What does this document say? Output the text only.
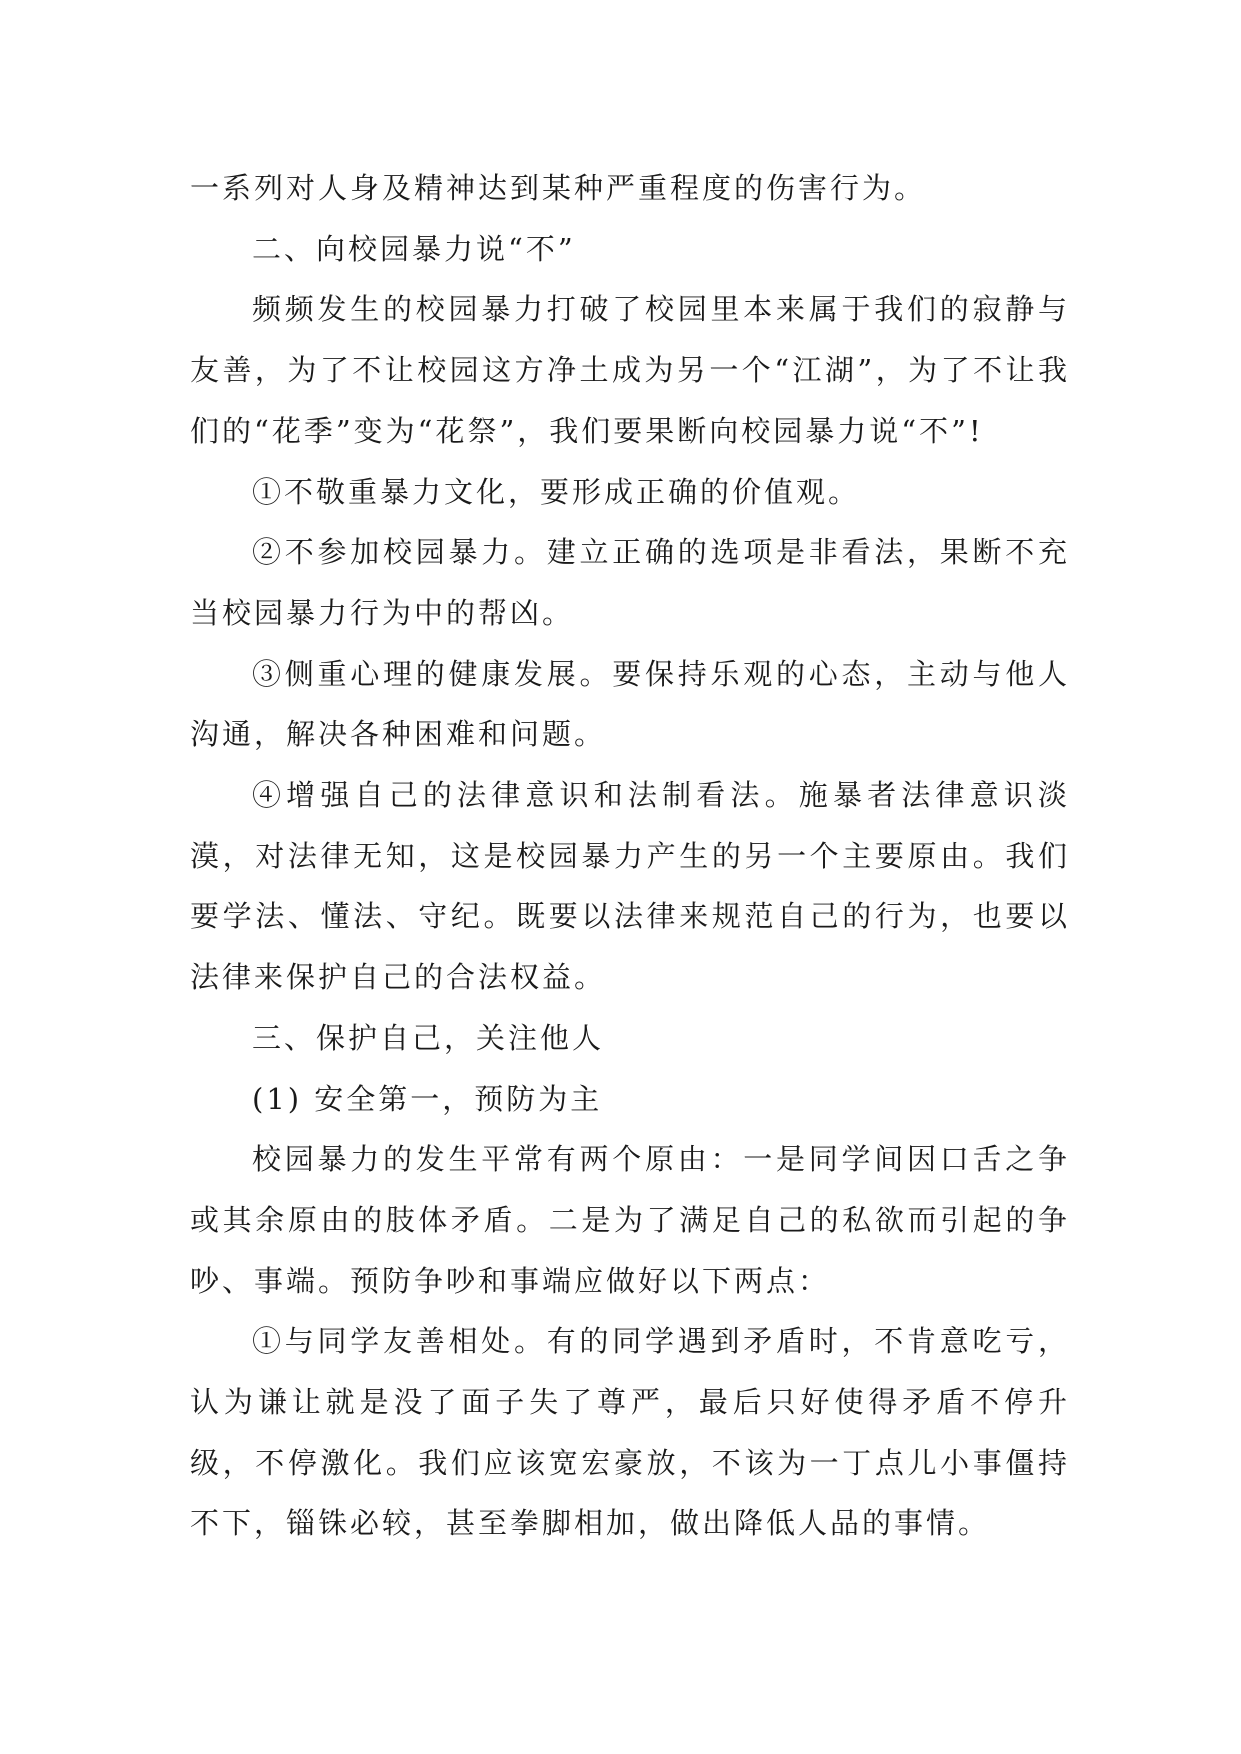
一系列对人身及精神达到某种严重程度的伤害行为。

二、向校园暴力说“不”

频频发生的校园暴力打破了校园里本来属于我们的寂静与友善，为了不让校园这方净土成为另一个“江湖”，为了不让我们的“花季”变为“花祭”，我们要果断向校园暴力说“不”!

①不敬重暴力文化，要形成正确的价值观。

②不参加校园暴力。建立正确的选项是非看法，果断不充当校园暴力行为中的帮凶。

③侧重心理的健康发展。要保持乐观的心态，主动与他人沟通，解决各种困难和问题。

④增强自己的法律意识和法制看法。施暴者法律意识淡漠，对法律无知，这是校园暴力产生的另一个主要原由。我们要学法、懂法、守纪。既要以法律来规范自己的行为，也要以法律来保护自己的合法权益。

三、保护自己，关注他人

(1) 安全第一，预防为主

校园暴力的发生平常有两个原由：一是同学间因口舌之争或其余原由的肢体矛盾。二是为了满足自己的私欲而引起的争吵、事端。预防争吵和事端应做好以下两点：

①与同学友善相处。有的同学遇到矛盾时，不肯意吃亏，认为谦让就是没了面子失了尊严，最后只好使得矛盾不停升级，不停激化。我们应该宽宏豪放，不该为一丁点儿小事僵持不下，锱铢必较，甚至拳脚相加，做出降低人品的事情。
